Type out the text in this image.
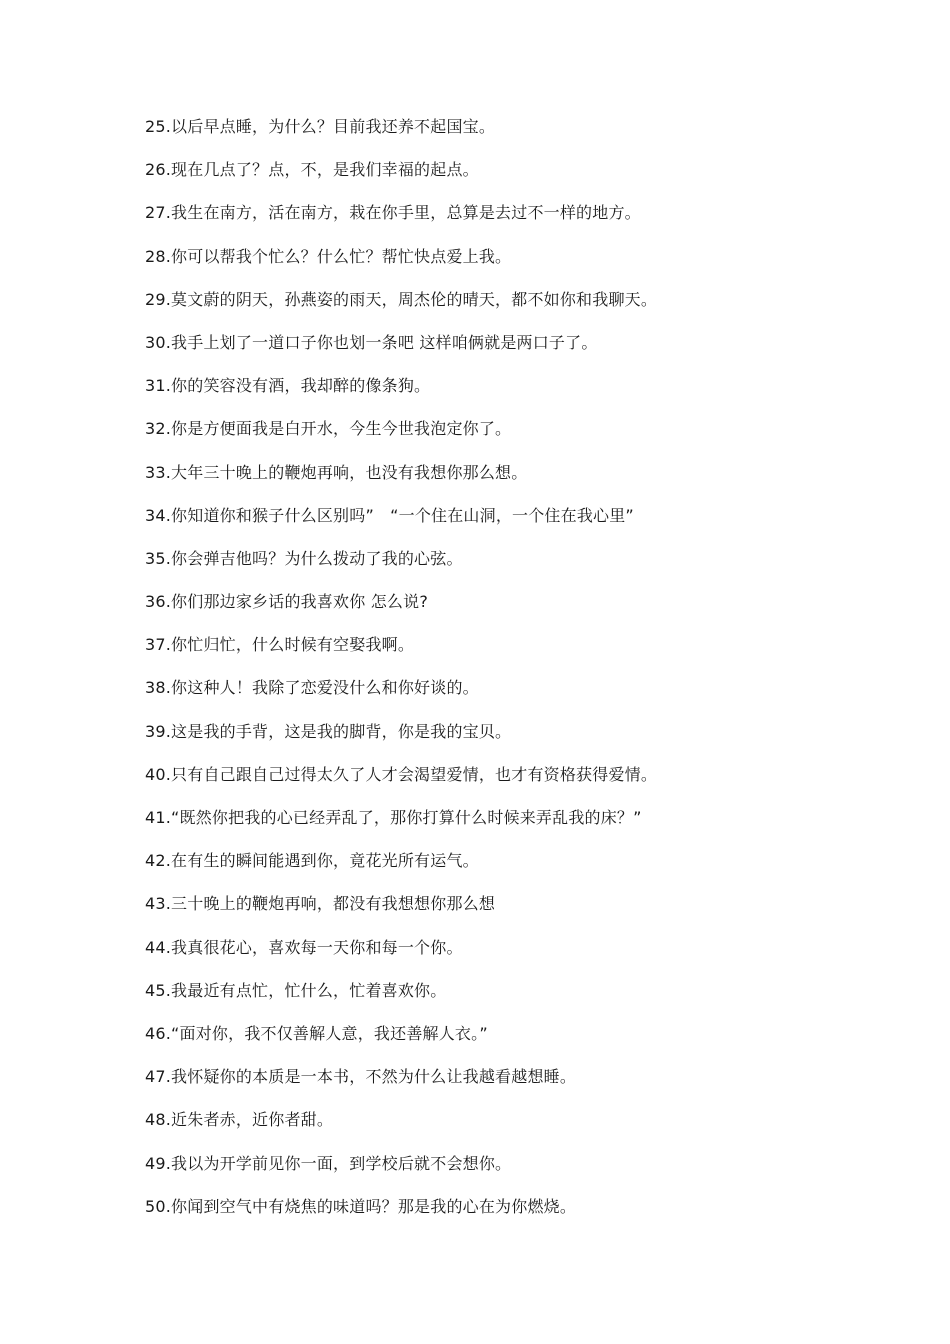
25.以后早点睡，为什么？目前我还养不起国宝。
26.现在几点了？点，不，是我们幸福的起点。
27.我生在南方，活在南方，栽在你手里，总算是去过不一样的地方。
28.你可以帮我个忙么？什么忙？帮忙快点爱上我。
29.莫文蔚的阴天，孙燕姿的雨天，周杰伦的晴天，都不如你和我聊天。
30.我手上划了一道口子你也划一条吧 这样咱俩就是两口子了。
31.你的笑容没有酒，我却醉的像条狗。
32.你是方便面我是白开水，今生今世我泡定你了。
33.大年三十晚上的鞭炮再响，也没有我想你那么想。
34.你知道你和猴子什么区别吗”　“一个住在山洞，一个住在我心里”
35.你会弹吉他吗？为什么拨动了我的心弦。
36.你们那边家乡话的我喜欢你 怎么说?
37.你忙归忙，什么时候有空娶我啊。
38.你这种人！我除了恋爱没什么和你好谈的。
39.这是我的手背，这是我的脚背，你是我的宝贝。
40.只有自己跟自己过得太久了人才会渴望爱情，也才有资格获得爱情。
41.“既然你把我的心已经弄乱了，那你打算什么时候来弄乱我的床？”
42.在有生的瞬间能遇到你，竟花光所有运气。
43.三十晚上的鞭炮再响，都没有我想想你那么想
44.我真很花心，喜欢每一天你和每一个你。
45.我最近有点忙，忙什么，忙着喜欢你。
46.“面对你，我不仅善解人意，我还善解人衣。”
47.我怀疑你的本质是一本书，不然为什么让我越看越想睡。
48.近朱者赤，近你者甜。
49.我以为开学前见你一面，到学校后就不会想你。
50.你闻到空气中有烧焦的味道吗？那是我的心在为你燃烧。
